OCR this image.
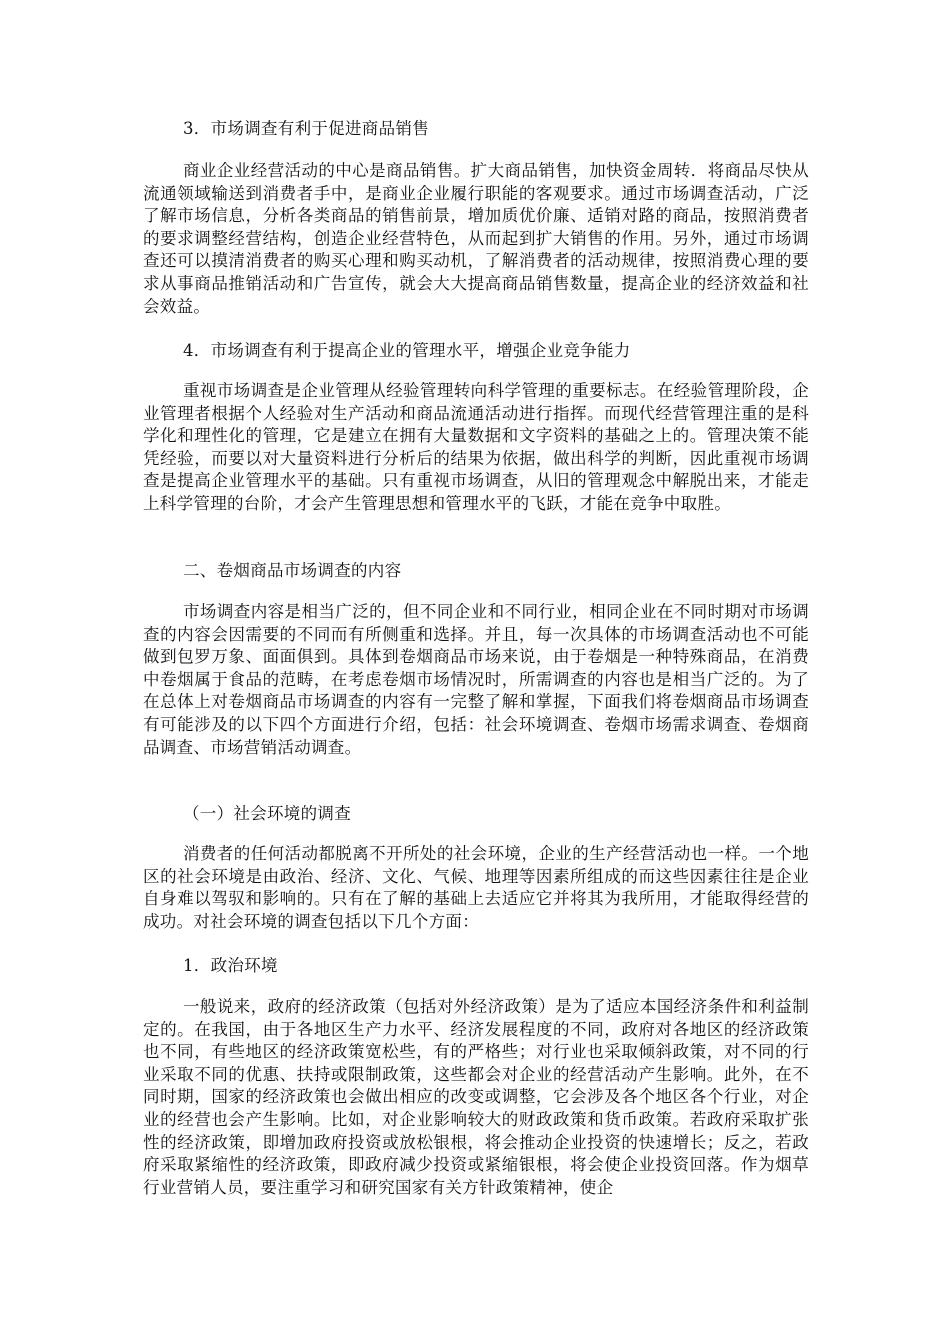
3．市场调查有利于促进商品销售

商业企业经营活动的中心是商品销售。扩大商品销售，加快资金周转．将商品尽快从流通领域输送到消费者手中，是商业企业履行职能的客观要求。通过市场调查活动，广泛了解市场信息，分析各类商品的销售前景，增加质优价廉、适销对路的商品，按照消费者的要求调整经营结构，创造企业经营特色，从而起到扩大销售的作用。另外，通过市场调查还可以摸清消费者的购买心理和购买动机，了解消费者的活动规律，按照消费心理的要求从事商品推销活动和广告宣传，就会大大提高商品销售数量，提高企业的经济效益和社会效益。

4．市场调查有利于提高企业的管理水平，增强企业竞争能力

重视市场调查是企业管理从经验管理转向科学管理的重要标志。在经验管理阶段，企业管理者根据个人经验对生产活动和商品流通活动进行指挥。而现代经营管理注重的是科学化和理性化的管理，它是建立在拥有大量数据和文字资料的基础之上的。管理决策不能凭经验，而要以对大量资料进行分析后的结果为依据，做出科学的判断，因此重视市场调查是提高企业管理水平的基础。只有重视市场调查，从旧的管理观念中解脱出来，才能走上科学管理的台阶，才会产生管理思想和管理水平的飞跃，才能在竞争中取胜。

二、卷烟商品市场调查的内容

市场调查内容是相当广泛的，但不同企业和不同行业，相同企业在不同时期对市场调查的内容会因需要的不同而有所侧重和选择。并且，每一次具体的市场调查活动也不可能做到包罗万象、面面俱到。具体到卷烟商品市场来说，由于卷烟是一种特殊商品，在消费中卷烟属于食品的范畴，在考虑卷烟市场情况时，所需调查的内容也是相当广泛的。为了在总体上对卷烟商品市场调查的内容有一完整了解和掌握，下面我们将卷烟商品市场调查有可能涉及的以下四个方面进行介绍，包括：社会环境调查、卷烟市场需求调查、卷烟商品调查、市场营销活动调查。

（一）社会环境的调查

消费者的任何活动都脱离不开所处的社会环境，企业的生产经营活动也一样。一个地区的社会环境是由政治、经济、文化、气候、地理等因素所组成的而这些因素往往是企业自身难以驾驭和影响的。只有在了解的基础上去适应它并将其为我所用，才能取得经营的成功。对社会环境的调查包括以下几个方面：

1．政治环境

一般说来，政府的经济政策（包括对外经济政策）是为了适应本国经济条件和利益制定的。在我国，由于各地区生产力水平、经济发展程度的不同，政府对各地区的经济政策也不同，有些地区的经济政策宽松些，有的严格些；对行业也采取倾斜政策，对不同的行业采取不同的优惠、扶持或限制政策，这些都会对企业的经营活动产生影响。此外，在不同时期，国家的经济政策也会做出相应的改变或调整，它会涉及各个地区各个行业，对企业的经营也会产生影响。比如，对企业影响较大的财政政策和货币政策。若政府采取扩张性的经济政策，即增加政府投资或放松银根，将会推动企业投资的快速增长；反之，若政府采取紧缩性的经济政策，即政府减少投资或紧缩银根，将会使企业投资回落。作为烟草行业营销人员，要注重学习和研究国家有关方针政策精神，使企
